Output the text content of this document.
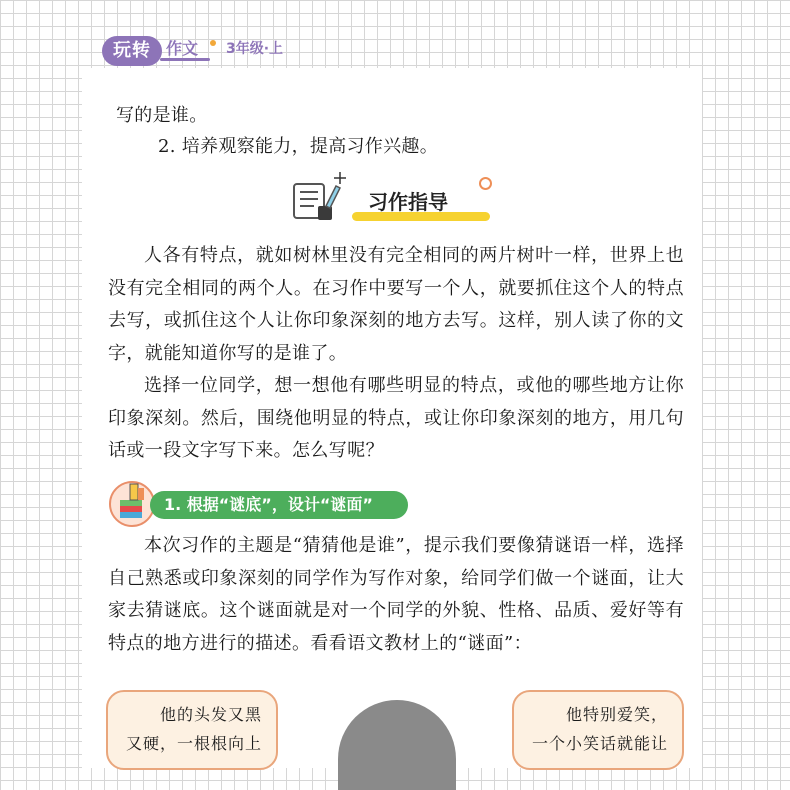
玩转 作文 3年级·上

写的是谁。

2. 培养观察能力，提高习作兴趣。

习作指导

人各有特点，就如树林里没有完全相同的两片树叶一样，世界上也没有完全相同的两个人。在习作中要写一个人，就要抓住这个人的特点去写，或抓住这个人让你印象深刻的地方去写。这样，别人读了你的文字，就能知道你写的是谁了。

选择一位同学，想一想他有哪些明显的特点，或他的哪些地方让你印象深刻。然后，围绕他明显的特点，或让你印象深刻的地方，用几句话或一段文字写下来。怎么写呢？

1. 根据“谜底”，设计“谜面”

本次习作的主题是“猜猜他是谁”，提示我们要像猜谜语一样，选择自己熟悉或印象深刻的同学作为写作对象，给同学们做一个谜面，让大家去猜谜底。这个谜面就是对一个同学的外貌、性格、品质、爱好等有特点的地方进行的描述。看看语文教材上的“谜面”：

他的头发又黑
又硬，一根根向上
他特别爱笑，
一个小笑话就能让
